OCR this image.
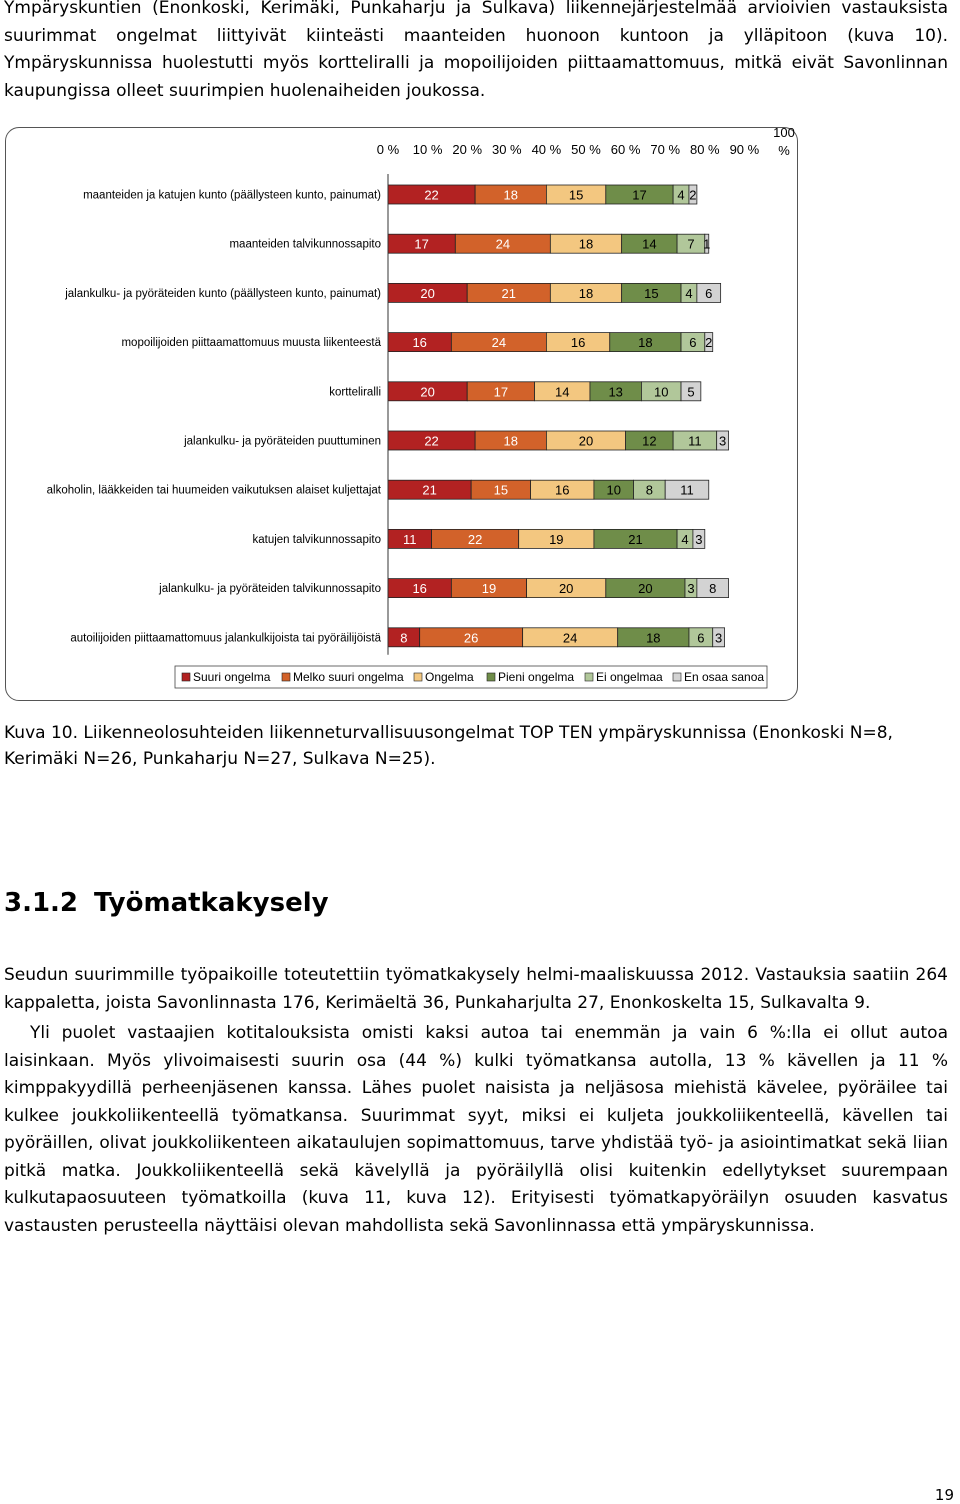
Ympäryskuntien (Enonkoski, Kerimäki, Punkaharju ja Sulkava) liikennejärjestelmää arvioivien vastauksista suurimmat ongelmat liittyivät kiinteästi maanteiden huonoon kuntoon ja ylläpitoon (kuva 10). Ympäryskunnissa huolestutti myös kortteliralli ja mopoilijoiden piittaamattomuus, mitkä eivät Savonlinnan kaupungissa olleet suurimpien huolenaiheiden joukossa.

0 % 10 % 20 % 30 % 40 % 50 % 60 % 70 % 80 % 90 %
100
%
maanteiden ja katujen kunto (päällysteen kunto, painumat)	22	18	15	17 4 2
maanteiden talvikunnossapito	17	24	18	14 7 1
jalankulku- ja pyöräteiden kunto (päällysteen kunto, painumat)	20	21	18	15 4 6
mopoilijoiden piittaamattomuus muusta liikenteestä 16	24	16	18	6 2
kortteliralli	20	17	14	13 10 5
jalankulku- ja pyöräteiden puuttuminen	22	18	20	12 11 3
alkoholin, lääkkeiden tai huumeiden vaikutuksen alaiset kuljettajat	21	15	16	10 8 11
katujen talvikunnossapito 11	22	19	21	4 3
jalankulku- ja pyöräteiden talvikunnossapito 16	19	20	20	3 8
autoilijoiden piittaamattomuus jalankulkijoista tai pyöräilijöistä 8	26	24	18	6 3
Suuri ongelma Melko suuri ongelma Ongelma Pieni ongelma Ei ongelmaa En osaa sanoa

Kuva 10. Liikenneolosuhteiden liikenneturvallisuusongelmat TOP TEN ympäryskunnissa (Enonkoski N=8, Kerimäki N=26, Punkaharju N=27, Sulkava N=25).

3.1.2 Työmatkakysely

Seudun suurimmille työpaikoille toteutettiin työmatkakysely helmi-maaliskuussa 2012. Vastauksia saatiin 264 kappaletta, joista Savonlinnasta 176, Kerimäeltä 36, Punkaharjulta 27, Enonkoskelta 15, Sulkavalta 9.

Yli puolet vastaajien kotitalouksista omisti kaksi autoa tai enemmän ja vain 6 %:lla ei ollut autoa laisinkaan. Myös ylivoimaisesti suurin osa (44 %) kulki työmatkansa autolla, 13 % kävellen ja 11 % kimppakyydillä perheenjäsenen kanssa. Lähes puolet naisista ja neljäsosa miehistä kävelee, pyöräilee tai kulkee joukkoliikenteellä työmatkansa. Suurimmat syyt, miksi ei kuljeta joukkoliikenteellä, kävellen tai pyöräillen, olivat joukkoliikenteen aikataulujen sopimattomuus, tarve yhdistää työ- ja asiointimatkat sekä liian pitkä matka. Joukkoliikenteellä sekä kävelyllä ja pyöräilyllä olisi kuitenkin edellytykset suurempaan kulkutapaosuuteen työmatkoilla (kuva 11, kuva 12). Erityisesti työmatkapyöräilyn osuuden kasvatus vastausten perusteella näyttäisi olevan mahdollista sekä Savonlinnassa että ympäryskunnissa.

19
